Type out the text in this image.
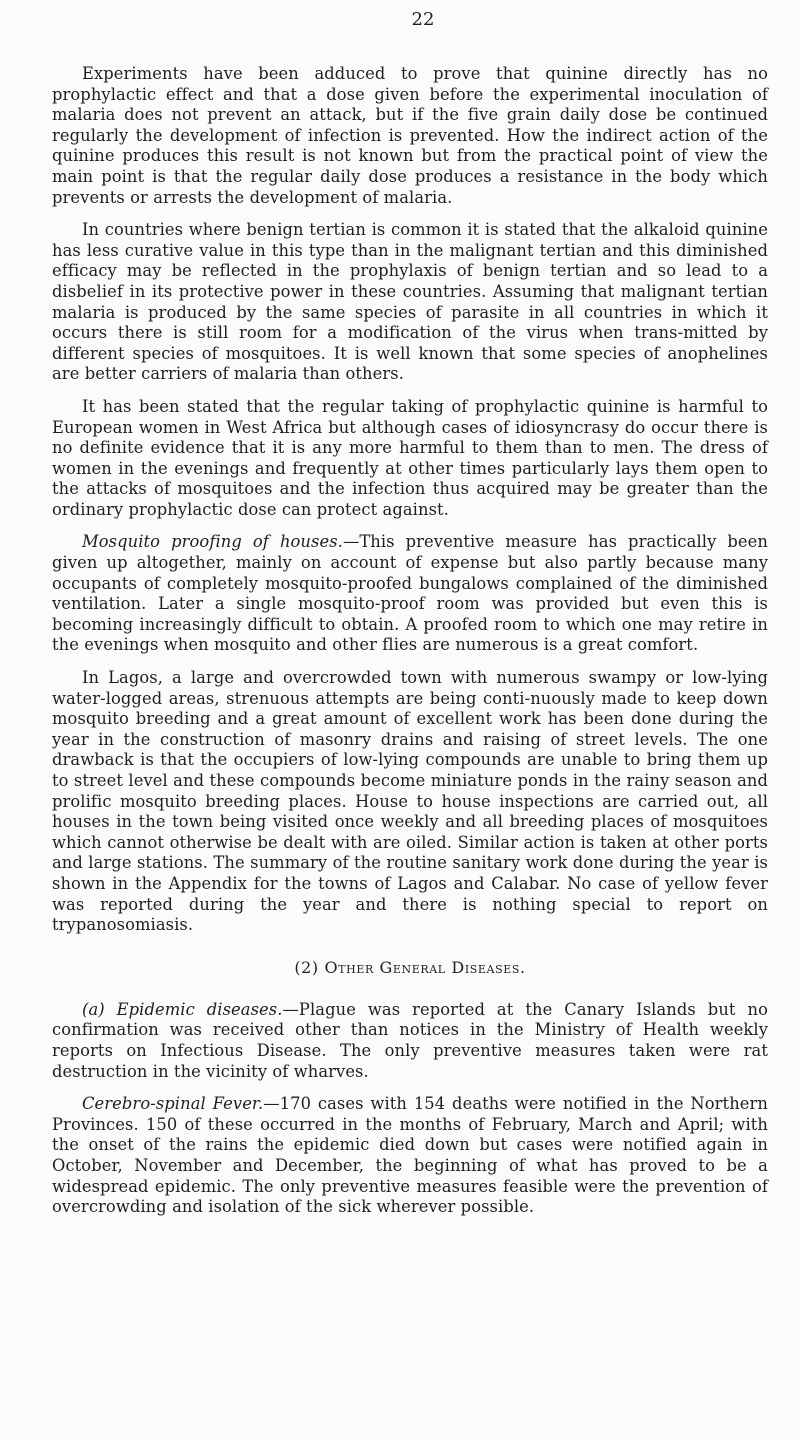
22

Experiments have been adduced to prove that quinine directly has no prophylactic effect and that a dose given before the experimental inoculation of malaria does not prevent an attack, but if the five grain daily dose be continued regularly the development of infection is prevented. How the indirect action of the quinine produces this result is not known but from the practical point of view the main point is that the regular daily dose produces a resistance in the body which prevents or arrests the development of malaria.

In countries where benign tertian is common it is stated that the alkaloid quinine has less curative value in this type than in the malignant tertian and this diminished efficacy may be reflected in the prophylaxis of benign tertian and so lead to a disbelief in its protective power in these countries. Assuming that malignant tertian malaria is produced by the same species of parasite in all countries in which it occurs there is still room for a modification of the virus when trans-mitted by different species of mosquitoes. It is well known that some species of anophelines are better carriers of malaria than others.

It has been stated that the regular taking of prophylactic quinine is harmful to European women in West Africa but although cases of idiosyncrasy do occur there is no definite evidence that it is any more harmful to them than to men. The dress of women in the evenings and frequently at other times particularly lays them open to the attacks of mosquitoes and the infection thus acquired may be greater than the ordinary prophylactic dose can protect against.

Mosquito proofing of houses.—This preventive measure has practically been given up altogether, mainly on account of expense but also partly because many occupants of completely mosquito-proofed bungalows complained of the diminished ventilation. Later a single mosquito-proof room was provided but even this is becoming increasingly difficult to obtain. A proofed room to which one may retire in the evenings when mosquito and other flies are numerous is a great comfort.

In Lagos, a large and overcrowded town with numerous swampy or low-lying water-logged areas, strenuous attempts are being conti-nuously made to keep down mosquito breeding and a great amount of excellent work has been done during the year in the construction of masonry drains and raising of street levels. The one drawback is that the occupiers of low-lying compounds are unable to bring them up to street level and these compounds become miniature ponds in the rainy season and prolific mosquito breeding places. House to house inspections are carried out, all houses in the town being visited once weekly and all breeding places of mosquitoes which cannot otherwise be dealt with are oiled. Similar action is taken at other ports and large stations. The summary of the routine sanitary work done during the year is shown in the Appendix for the towns of Lagos and Calabar. No case of yellow fever was reported during the year and there is nothing special to report on trypanosomiasis.

(2) Other General Diseases.

(a) Epidemic diseases.—Plague was reported at the Canary Islands but no confirmation was received other than notices in the Ministry of Health weekly reports on Infectious Disease. The only preventive measures taken were rat destruction in the vicinity of wharves.

Cerebro-spinal Fever.—170 cases with 154 deaths were notified in the Northern Provinces. 150 of these occurred in the months of February, March and April; with the onset of the rains the epidemic died down but cases were notified again in October, November and December, the beginning of what has proved to be a widespread epidemic. The only preventive measures feasible were the prevention of overcrowding and isolation of the sick wherever possible.
